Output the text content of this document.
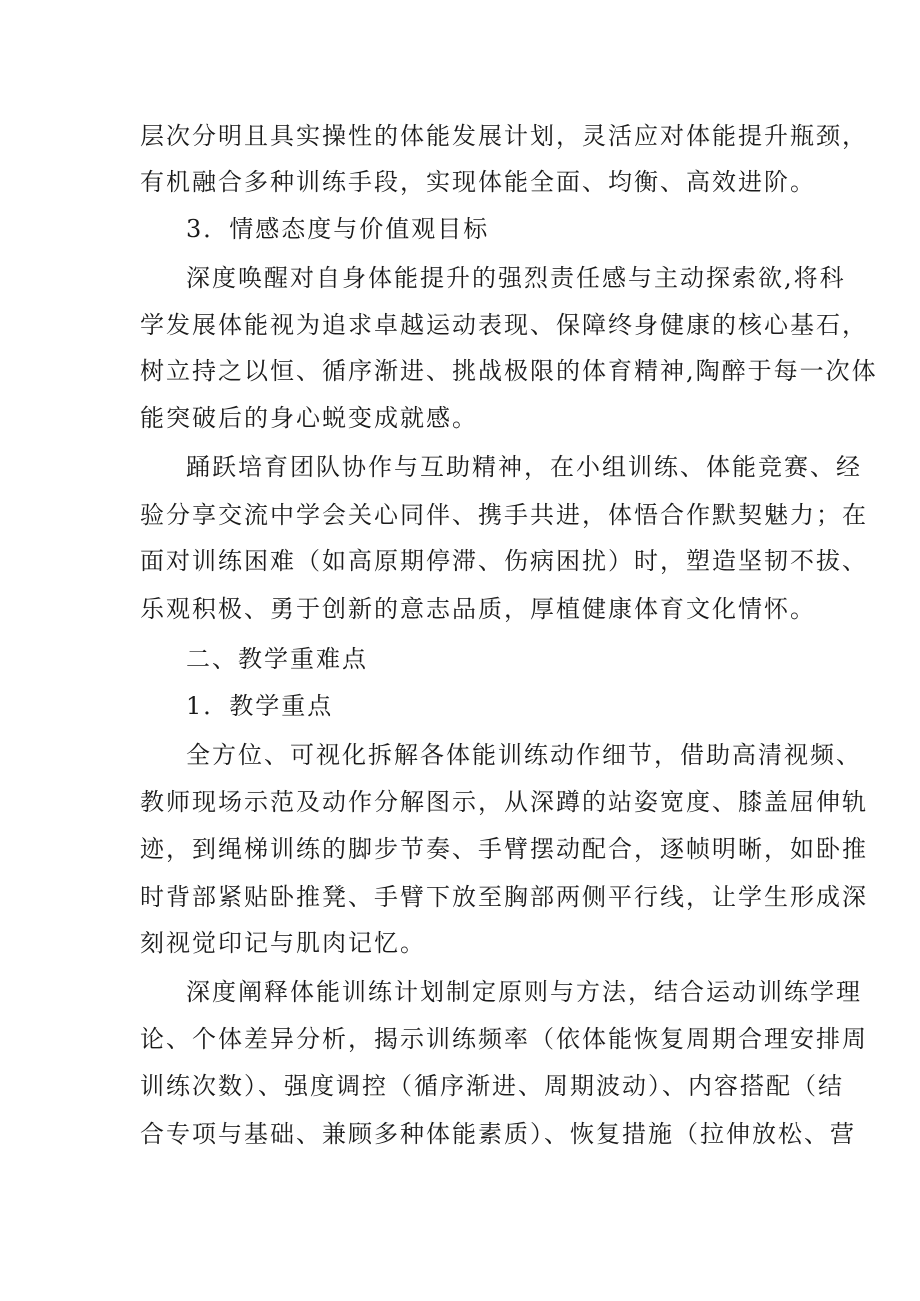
层次分明且具实操性的体能发展计划，灵活应对体能提升瓶颈，
有机融合多种训练手段，实现体能全面、均衡、高效进阶。
3．情感态度与价值观目标
深度唤醒对自身体能提升的强烈责任感与主动探索欲,将科
学发展体能视为追求卓越运动表现、保障终身健康的核心基石，
树立持之以恒、循序渐进、挑战极限的体育精神,陶醉于每一次体
能突破后的身心蜕变成就感。
踊跃培育团队协作与互助精神，在小组训练、体能竞赛、经
验分享交流中学会关心同伴、携手共进，体悟合作默契魅力；在
面对训练困难（如高原期停滞、伤病困扰）时，塑造坚韧不拔、
乐观积极、勇于创新的意志品质，厚植健康体育文化情怀。
二、教学重难点
1．教学重点
全方位、可视化拆解各体能训练动作细节，借助高清视频、
教师现场示范及动作分解图示，从深蹲的站姿宽度、膝盖屈伸轨
迹，到绳梯训练的脚步节奏、手臂摆动配合，逐帧明晰，如卧推
时背部紧贴卧推凳、手臂下放至胸部两侧平行线，让学生形成深
刻视觉印记与肌肉记忆。
深度阐释体能训练计划制定原则与方法，结合运动训练学理
论、个体差异分析，揭示训练频率（依体能恢复周期合理安排周
训练次数）、强度调控（循序渐进、周期波动）、内容搭配（结
合专项与基础、兼顾多种体能素质）、恢复措施（拉伸放松、营
